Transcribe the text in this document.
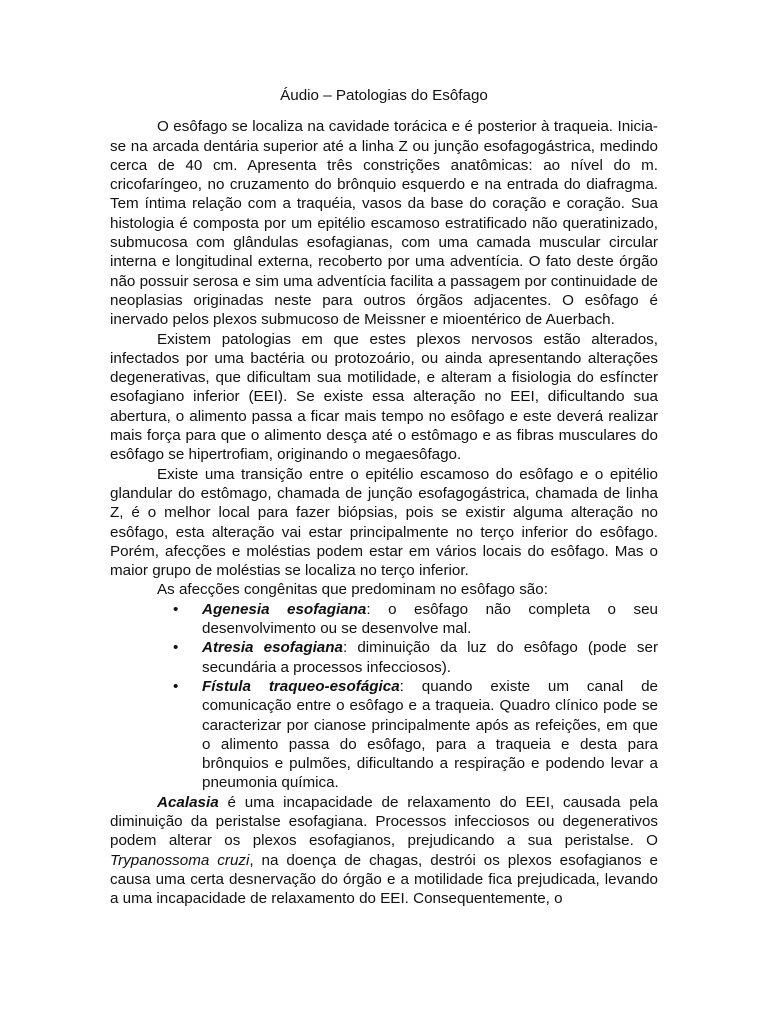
Áudio – Patologias do Esôfago

O esôfago se localiza na cavidade torácica e é posterior à traqueia. Inicia-se na arcada dentária superior até a linha Z ou junção esofagogástrica, medindo cerca de 40 cm. Apresenta três constrições anatômicas: ao nível do m. cricofaríngeo, no cruzamento do brônquio esquerdo e na entrada do diafragma. Tem íntima relação com a traquéia, vasos da base do coração e coração. Sua histologia é composta por um epitélio escamoso estratificado não queratinizado, submucosa com glândulas esofagianas, com uma camada muscular circular interna e longitudinal externa, recoberto por uma adventícia. O fato deste órgão não possuir serosa e sim uma adventícia facilita a passagem por continuidade de neoplasias originadas neste para outros órgãos adjacentes. O esôfago é inervado pelos plexos submucoso de Meissner e mioentérico de Auerbach.

Existem patologias em que estes plexos nervosos estão alterados, infectados por uma bactéria ou protozoário, ou ainda apresentando alterações degenerativas, que dificultam sua motilidade, e alteram a fisiologia do esfíncter esofagiano inferior (EEI). Se existe essa alteração no EEI, dificultando sua abertura, o alimento passa a ficar mais tempo no esôfago e este deverá realizar mais força para que o alimento desça até o estômago e as fibras musculares do esôfago se hipertrofiam, originando o megaesôfago.

Existe uma transição entre o epitélio escamoso do esôfago e o epitélio glandular do estômago, chamada de junção esofagogástrica, chamada de linha Z, é o melhor local para fazer biópsias, pois se existir alguma alteração no esôfago, esta alteração vai estar principalmente no terço inferior do esôfago. Porém, afecções e moléstias podem estar em vários locais do esôfago. Mas o maior grupo de moléstias se localiza no terço inferior.

As afecções congênitas que predominam no esôfago são:

• Agenesia esofagiana: o esôfago não completa o seu desenvolvimento ou se desenvolve mal.
• Atresia esofagiana: diminuição da luz do esôfago (pode ser secundária a processos infecciosos).
• Fístula traqueo-esofágica: quando existe um canal de comunicação entre o esôfago e a traqueia. Quadro clínico pode se caracterizar por cianose principalmente após as refeições, em que o alimento passa do esôfago, para a traqueia e desta para brônquios e pulmões, dificultando a respiração e podendo levar a pneumonia química.

Acalasia é uma incapacidade de relaxamento do EEI, causada pela diminuição da peristalse esofagiana. Processos infecciosos ou degenerativos podem alterar os plexos esofagianos, prejudicando a sua peristalse. O Trypanossoma cruzi, na doença de chagas, destrói os plexos esofagianos e causa uma certa desnervação do órgão e a motilidade fica prejudicada, levando a uma incapacidade de relaxamento do EEI. Consequentemente, o
